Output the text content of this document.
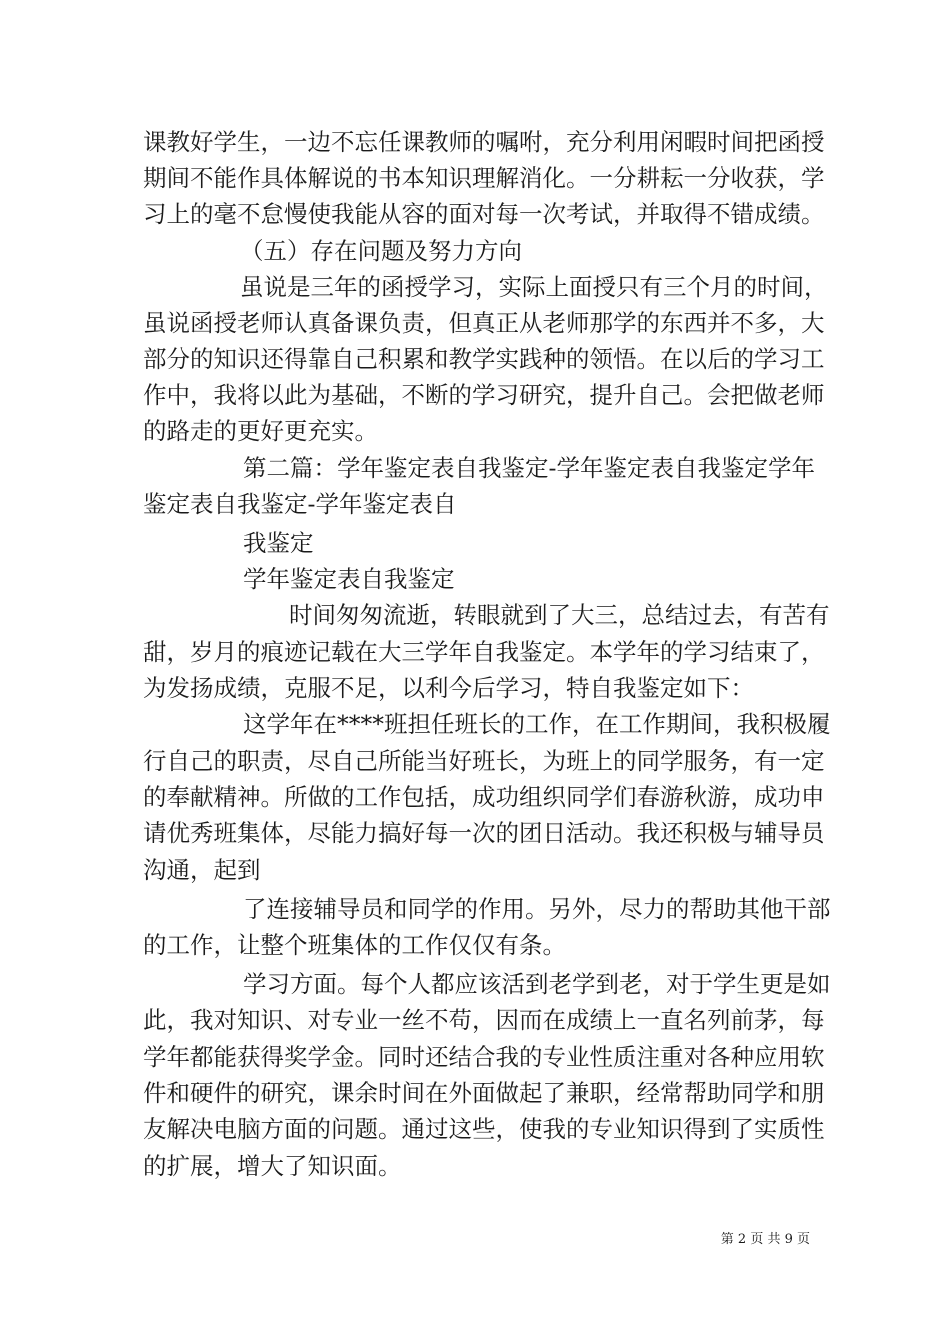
课教好学生，一边不忘任课教师的嘱咐，充分利用闲暇时间把函授

期间不能作具体解说的书本知识理解消化。一分耕耘一分收获，学

习上的毫不怠慢使我能从容的面对每一次考试，并取得不错成绩。

（五）存在问题及努力方向

虽说是三年的函授学习，实际上面授只有三个月的时间，

虽说函授老师认真备课负责，但真正从老师那学的东西并不多，大

部分的知识还得靠自己积累和教学实践种的领悟。在以后的学习工

作中，我将以此为基础，不断的学习研究，提升自己。会把做老师

的路走的更好更充实。

第二篇：学年鉴定表自我鉴定-学年鉴定表自我鉴定学年

鉴定表自我鉴定-学年鉴定表自

我鉴定

学年鉴定表自我鉴定

时间匆匆流逝，转眼就到了大三，总结过去，有苦有

甜，岁月的痕迹记载在大三学年自我鉴定。本学年的学习结束了，

为发扬成绩，克服不足，以利今后学习，特自我鉴定如下：

这学年在****班担任班长的工作，在工作期间，我积极履

行自己的职责，尽自己所能当好班长，为班上的同学服务，有一定

的奉献精神。所做的工作包括，成功组织同学们春游秋游，成功申

请优秀班集体，尽能力搞好每一次的团日活动。我还积极与辅导员

沟通，起到

了连接辅导员和同学的作用。另外，尽力的帮助其他干部

的工作，让整个班集体的工作仅仅有条。

学习方面。每个人都应该活到老学到老，对于学生更是如

此，我对知识、对专业一丝不苟，因而在成绩上一直名列前茅，每

学年都能获得奖学金。同时还结合我的专业性质注重对各种应用软

件和硬件的研究，课余时间在外面做起了兼职，经常帮助同学和朋

友解决电脑方面的问题。通过这些，使我的专业知识得到了实质性

的扩展，增大了知识面。

第 2 页 共 9 页
